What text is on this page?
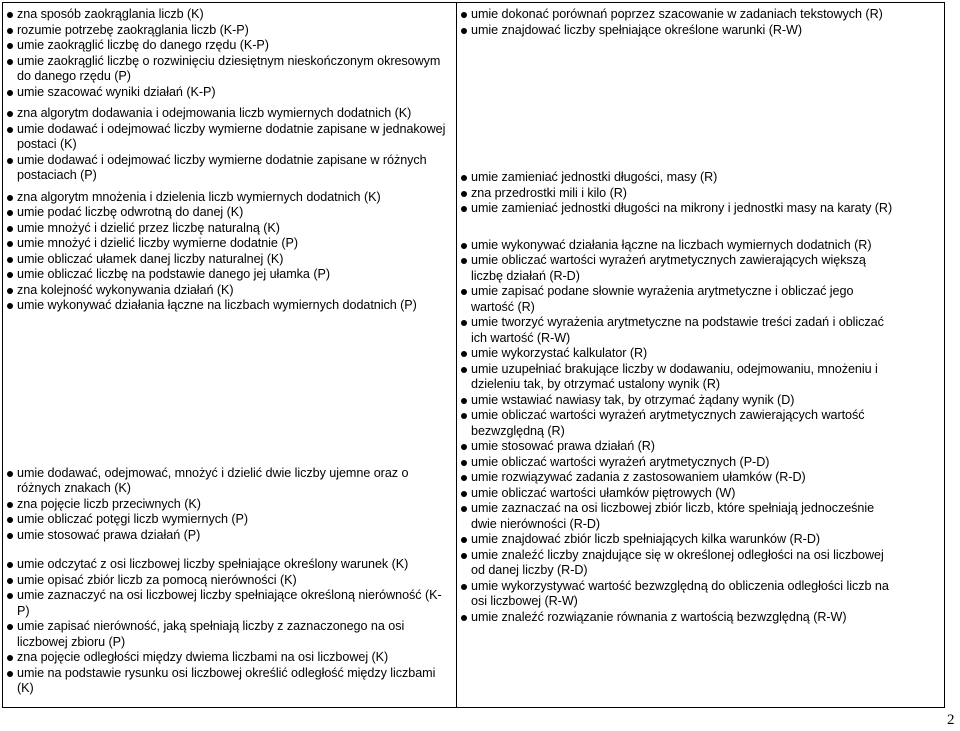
zna sposób zaokrąglania liczb (K)
rozumie potrzebę zaokrąglania liczb (K-P)
umie zaokrąglić liczbę do danego rzędu (K-P)
umie zaokrąglić liczbę o rozwinięciu dziesiętnym nieskończonym okresowym do danego rzędu (P)
umie szacować wyniki działań (K-P)
zna algorytm dodawania i odejmowania liczb wymiernych dodatnich (K)
umie dodawać i odejmować liczby wymierne dodatnie zapisane w jednakowej postaci (K)
umie dodawać i odejmować liczby wymierne dodatnie zapisane w różnych postaciach (P)
zna algorytm mnożenia i dzielenia liczb wymiernych dodatnich (K)
umie podać liczbę odwrotną do danej (K)
umie mnożyć i dzielić przez liczbę naturalną (K)
umie mnożyć i dzielić liczby wymierne dodatnie (P)
umie obliczać ułamek danej liczby naturalnej (K)
umie obliczać liczbę na podstawie danego jej ułamka (P)
zna kolejność wykonywania działań (K)
umie wykonywać działania łączne na liczbach wymiernych dodatnich (P)
umie dodawać, odejmować, mnożyć i dzielić dwie liczby ujemne oraz o różnych znakach (K)
zna pojęcie liczb przeciwnych (K)
umie obliczać potęgi liczb wymiernych (P)
umie stosować prawa działań (P)
umie odczytać z osi liczbowej liczby spełniające określony warunek (K)
umie opisać zbiór liczb za pomocą nierówności (K)
umie zaznaczyć na osi liczbowej liczby spełniające określoną nierówność (K-P)
umie zapisać nierówność, jaką spełniają liczby z zaznaczonego na osi liczbowej zbioru (P)
zna pojęcie odległości między dwiema liczbami na osi liczbowej (K)
umie na podstawie rysunku osi liczbowej określić odległość między liczbami (K)
umie dokonać porównań poprzez szacowanie w zadaniach tekstowych (R)
umie znajdować liczby spełniające określone warunki (R-W)
umie zamieniać jednostki długości, masy (R)
zna przedrostki mili i kilo (R)
umie zamieniać jednostki długości na mikrony i jednostki masy na karaty (R)
umie wykonywać działania łączne na liczbach wymiernych dodatnich (R)
umie obliczać wartości wyrażeń arytmetycznych zawierających większą liczbę działań (R-D)
umie zapisać podane słownie wyrażenia arytmetyczne i obliczać jego wartość (R)
umie tworzyć wyrażenia arytmetyczne na podstawie treści zadań i obliczać ich wartość (R-W)
umie wykorzystać kalkulator (R)
umie uzupełniać brakujące liczby w dodawaniu, odejmowaniu, mnożeniu i dzieleniu tak, by otrzymać ustalony wynik (R)
umie wstawiać nawiasy tak, by otrzymać żądany wynik (D)
umie obliczać wartości wyrażeń arytmetycznych zawierających wartość bezwzględną (R)
umie stosować prawa działań (R)
umie obliczać wartości wyrażeń arytmetycznych (P-D)
umie rozwiązywać zadania z zastosowaniem ułamków (R-D)
umie obliczać wartości ułamków piętrowych (W)
umie zaznaczać na osi liczbowej zbiór liczb, które spełniają jednocześnie dwie nierówności (R-D)
umie znajdować zbiór liczb spełniających kilka warunków (R-D)
umie znaleźć liczby znajdujące się w określonej odległości na osi liczbowej od danej liczby (R-D)
umie wykorzystywać wartość bezwzględną do obliczenia odległości liczb na osi liczbowej (R-W)
umie znaleźć rozwiązanie równania z wartością bezwzględną (R-W)
2
